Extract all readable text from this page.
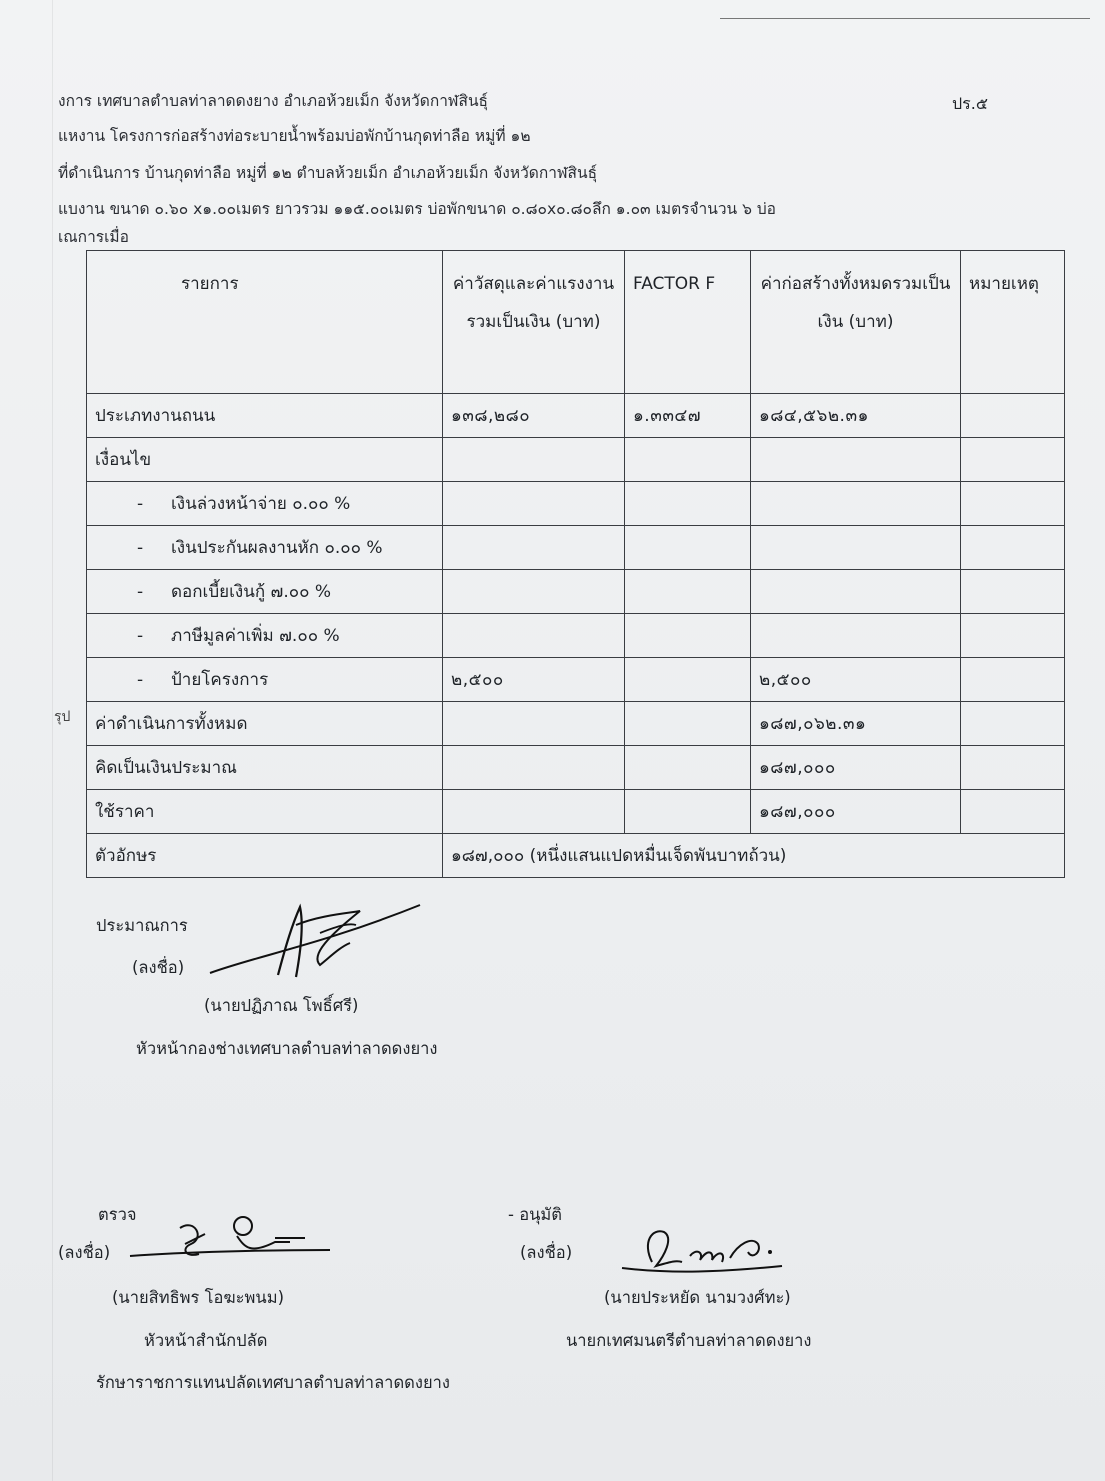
งการ เทศบาลตำบลท่าลาดดงยาง อำเภอห้วยเม็ก จังหวัดกาฬสินธุ์	ปร.๕
แหงาน โครงการก่อสร้างท่อระบายน้ำพร้อมบ่อพักบ้านกุดท่าลือ หมู่ที่ ๑๒
ที่ดำเนินการ บ้านกุดท่าลือ หมู่ที่ ๑๒ ตำบลห้วยเม็ก อำเภอห้วยเม็ก จังหวัดกาฬสินธุ์
แบงาน ขนาด ๐.๖๐ x๑.๐๐เมตร ยาวรวม ๑๑๕.๐๐เมตร บ่อพักขนาด ๐.๘๐x๐.๘๐ลึก ๑.๐๓ เมตรจำนวน ๖ บ่อ
เณการเมื่อ
รุป
รายการ	ค่าวัสดุและค่าแรงงานรวมเป็นเงิน (บาท)	FACTOR F	ค่าก่อสร้างทั้งหมดรวมเป็นเงิน (บาท)	หมายเหตุ
ประเภทงานถนน	๑๓๘,๒๘๐	๑.๓๓๔๗	๑๘๔,๕๖๒.๓๑	
เงื่อนไข				
- เงินล่วงหน้าจ่าย ๐.๐๐ %				
- เงินประกันผลงานหัก ๐.๐๐ %				
- ดอกเบี้ยเงินกู้ ๗.๐๐ %				
- ภาษีมูลค่าเพิ่ม ๗.๐๐ %				
- ป้ายโครงการ	๒,๕๐๐		๒,๕๐๐	
ค่าดำเนินการทั้งหมด			๑๘๗,๐๖๒.๓๑	
คิดเป็นเงินประมาณ			๑๘๗,๐๐๐	
ใช้ราคา			๑๘๗,๐๐๐	
ตัวอักษร	๑๘๗,๐๐๐ (หนึ่งแสนแปดหมื่นเจ็ดพันบาทถ้วน)			
ประมาณการ
(ลงชื่อ)
(นายปฏิภาณ โพธิ์ศรี)
หัวหน้ากองช่างเทศบาลตำบลท่าลาดดงยาง
ตรวจ
(ลงชื่อ)
(นายสิทธิพร โอฆะพนม)
หัวหน้าสำนักปลัด
รักษาราชการแทนปลัดเทศบาลตำบลท่าลาดดงยาง
- อนุมัติ
(ลงชื่อ)
(นายประหยัด นามวงศ์ทะ)
นายกเทศมนตรีตำบลท่าลาดดงยาง
